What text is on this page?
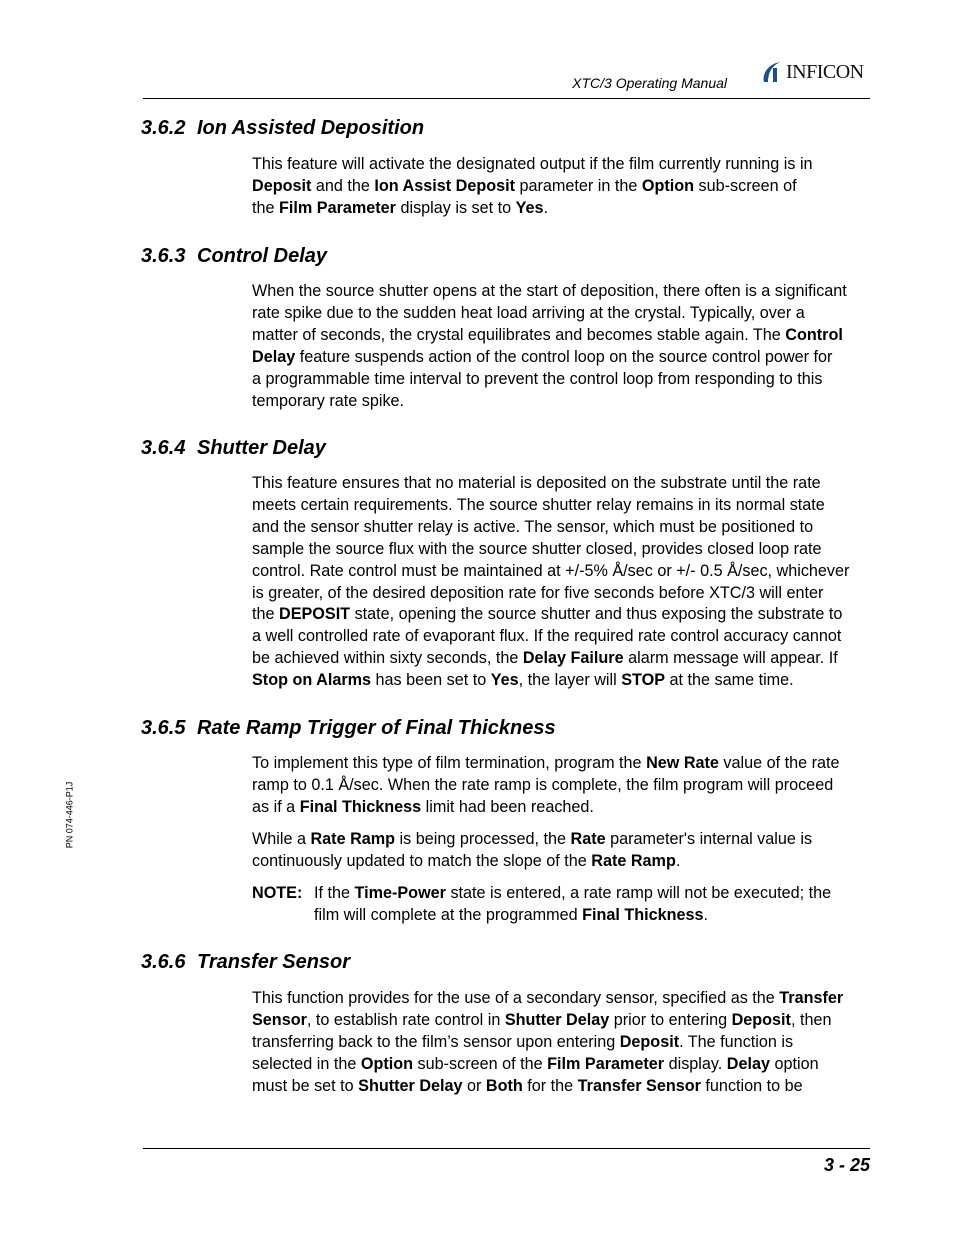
XTC/3 Operating Manual
INFICON
PN 074-446-P1J
3.6.2 Ion Assisted Deposition
This feature will activate the designated output if the film currently running is in
Deposit and the Ion Assist Deposit parameter in the Option sub-screen of
the Film Parameter display is set to Yes.
3.6.3 Control Delay
When the source shutter opens at the start of deposition, there often is a significant
rate spike due to the sudden heat load arriving at the crystal. Typically, over a
matter of seconds, the crystal equilibrates and becomes stable again. The Control
Delay feature suspends action of the control loop on the source control power for
a programmable time interval to prevent the control loop from responding to this
temporary rate spike.
3.6.4 Shutter Delay
This feature ensures that no material is deposited on the substrate until the rate
meets certain requirements. The source shutter relay remains in its normal state
and the sensor shutter relay is active. The sensor, which must be positioned to
sample the source flux with the source shutter closed, provides closed loop rate
control. Rate control must be maintained at +/-5% Å/sec or +/- 0.5 Å/sec, whichever
is greater, of the desired deposition rate for five seconds before XTC/3 will enter
the DEPOSIT state, opening the source shutter and thus exposing the substrate to
a well controlled rate of evaporant flux. If the required rate control accuracy cannot
be achieved within sixty seconds, the Delay Failure alarm message will appear. If
Stop on Alarms has been set to Yes, the layer will STOP at the same time.
3.6.5 Rate Ramp Trigger of Final Thickness
To implement this type of film termination, program the New Rate value of the rate
ramp to 0.1 Å/sec. When the rate ramp is complete, the film program will proceed
as if a Final Thickness limit had been reached.
While a Rate Ramp is being processed, the Rate parameter's internal value is
continuously updated to match the slope of the Rate Ramp.
NOTE: If the Time-Power state is entered, a rate ramp will not be executed; the
film will complete at the programmed Final Thickness.
3.6.6 Transfer Sensor
This function provides for the use of a secondary sensor, specified as the Transfer
Sensor, to establish rate control in Shutter Delay prior to entering Deposit, then
transferring back to the film’s sensor upon entering Deposit. The function is
selected in the Option sub-screen of the Film Parameter display. Delay option
must be set to Shutter Delay or Both for the Transfer Sensor function to be
3 - 25
